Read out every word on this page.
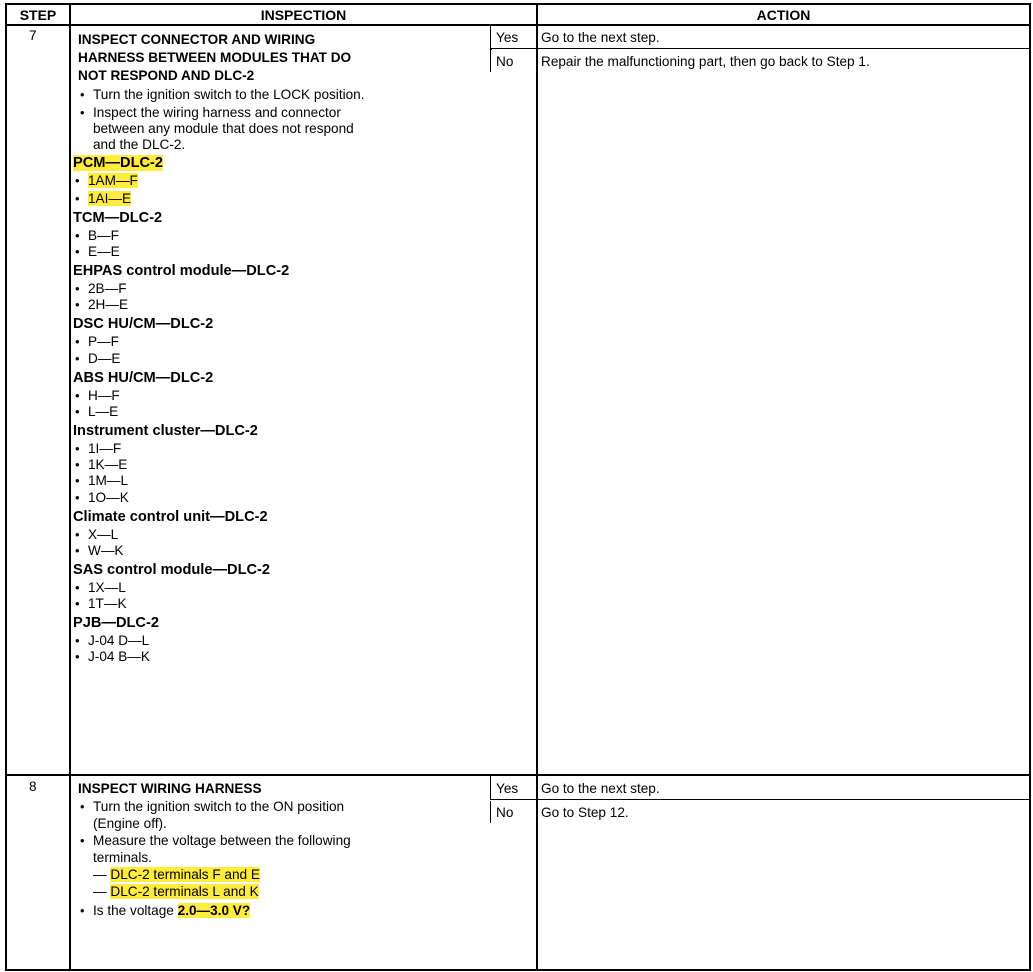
STEP	INSPECTION	ACTION
7	INSPECT CONNECTOR AND WIRING
HARNESS BETWEEN MODULES THAT DO
NOT RESPOND AND DLC-2
• Turn the ignition switch to the LOCK position.
• Inspect the wiring harness and connector
between any module that does not respond
and the DLC-2.
PCM—DLC-2
• 1AM—F
• 1AI—E
TCM—DLC-2
• B—F
• E—E
EHPAS control module—DLC-2
• 2B—F
• 2H—E
DSC HU/CM—DLC-2
• P—F
• D—E
ABS HU/CM—DLC-2
• H—F
• L—E
Instrument cluster—DLC-2
• 1I—F
• 1K—E
• 1M—L
• 1O—K
Climate control unit—DLC-2
• X—L
• W—K
SAS control module—DLC-2
• 1X—L
• 1T—K
PJB—DLC-2
• J-04 D—L
• J-04 B—K
Yes Go to the next step.
No Repair the malfunctioning part, then go back to Step 1.
8	INSPECT WIRING HARNESS
• Turn the ignition switch to the ON position
(Engine off).
• Measure the voltage between the following
terminals.
— DLC-2 terminals F and E
— DLC-2 terminals L and K
• Is the voltage 2.0—3.0 V?
Yes Go to the next step.
No Go to Step 12.
